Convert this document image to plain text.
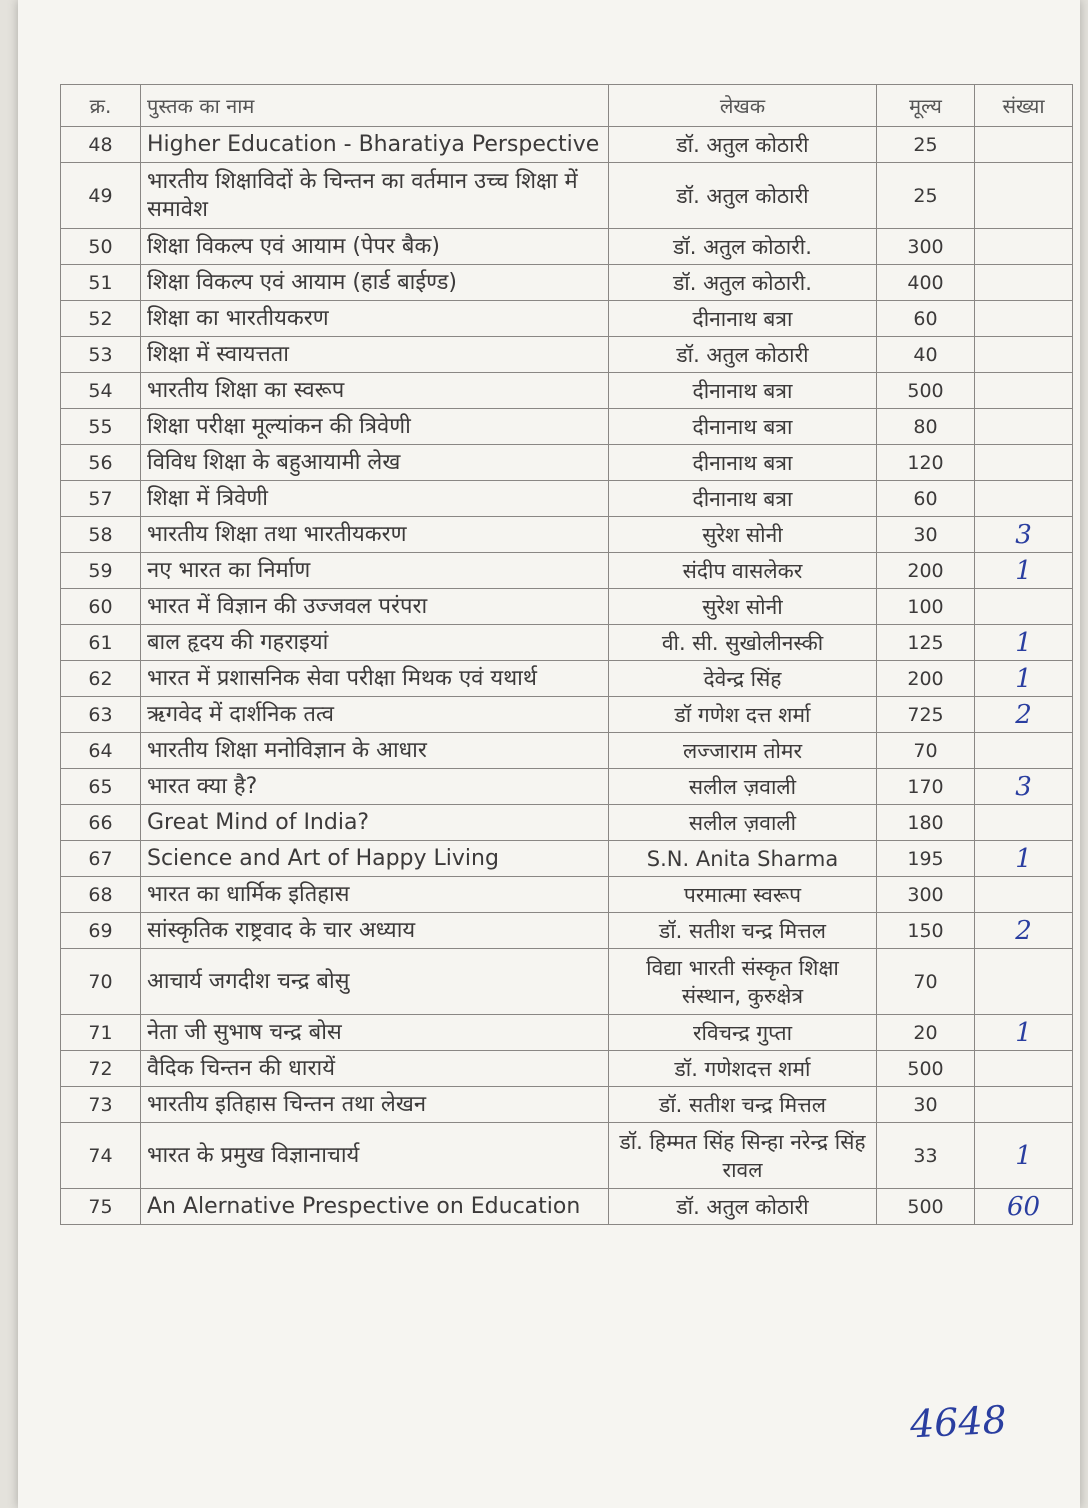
क्र.	पुस्तक का नाम	लेखक	मूल्य	संख्या
48	Higher Education - Bharatiya Perspective	डॉ. अतुल कोठारी	25	
49	भारतीय शिक्षाविदों के चिन्तन का वर्तमान उच्च शिक्षा में समावेश	डॉ. अतुल कोठारी	25	
50	शिक्षा विकल्प एवं आयाम (पेपर बैक)	डॉ. अतुल कोठारी.	300	
51	शिक्षा विकल्प एवं आयाम (हार्ड बाईण्ड)	डॉ. अतुल कोठारी.	400	
52	शिक्षा का भारतीयकरण	दीनानाथ बत्रा	60	
53	शिक्षा में स्वायत्तता	डॉ. अतुल कोठारी	40	
54	भारतीय शिक्षा का स्वरूप	दीनानाथ बत्रा	500	
55	शिक्षा परीक्षा मूल्यांकन की त्रिवेणी	दीनानाथ बत्रा	80	
56	विविध शिक्षा के बहुआयामी लेख	दीनानाथ बत्रा	120	
57	शिक्षा में त्रिवेणी	दीनानाथ बत्रा	60	
58	भारतीय शिक्षा तथा भारतीयकरण	सुरेश सोनी	30	3
59	नए भारत का निर्माण	संदीप वासलेकर	200	1
60	भारत में विज्ञान की उज्जवल परंपरा	सुरेश सोनी	100	
61	बाल हृदय की गहराइयां	वी. सी. सुखोलीनस्की	125	1
62	भारत में प्रशासनिक सेवा परीक्षा मिथक एवं यथार्थ	देवेन्द्र सिंह	200	1
63	ऋगवेद में दार्शनिक तत्व	डॉ गणेश दत्त शर्मा	725	2
64	भारतीय शिक्षा मनोविज्ञान के आधार	लज्जाराम तोमर	70	
65	भारत क्या है?	सलील ज़वाली	170	3
66	Great Mind of India?	सलील ज़वाली	180	
67	Science and Art of Happy Living	S.N. Anita Sharma	195	1
68	भारत का धार्मिक इतिहास	परमात्मा स्वरूप	300	
69	सांस्कृतिक राष्ट्रवाद के चार अध्याय	डॉ. सतीश चन्द्र मित्तल	150	2
70	आचार्य जगदीश चन्द्र बोसु	विद्या भारती संस्कृत शिक्षा संस्थान, कुरुक्षेत्र	70	
71	नेता जी सुभाष चन्द्र बोस	रविचन्द्र गुप्ता	20	1
72	वैदिक चिन्तन की धारायें	डॉ. गणेशदत्त शर्मा	500	
73	भारतीय इतिहास चिन्तन तथा लेखन	डॉ. सतीश चन्द्र मित्तल	30	
74	भारत के प्रमुख विज्ञानाचार्य	डॉ. हिम्मत सिंह सिन्हा नरेन्द्र सिंह रावल	33	1
75	An Alernative Prespective on Education	डॉ. अतुल कोठारी	500	60
4648
